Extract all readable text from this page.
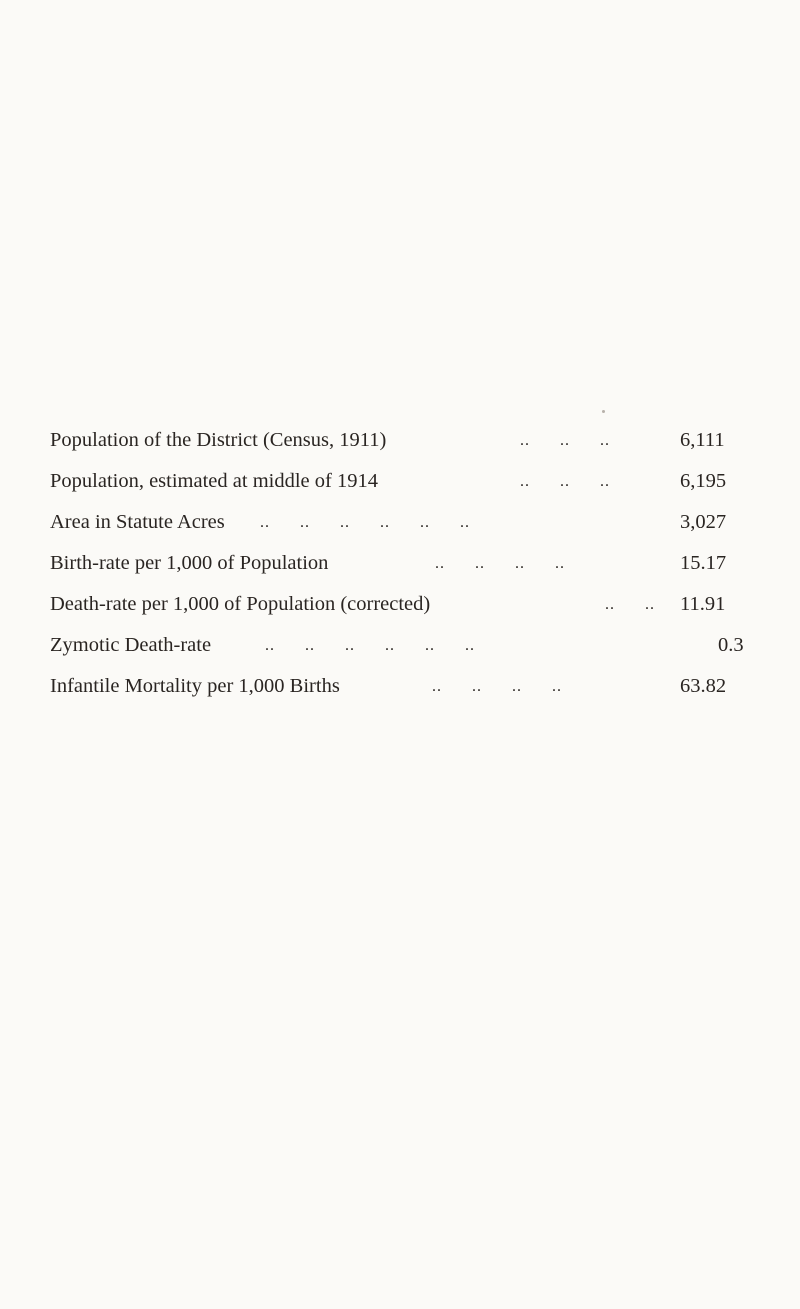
Population of the District (Census, 1911)	..      ..      ..	6,111
Population, estimated at middle of 1914	..      ..      ..	6,195
Area in Statute Acres ..      ..      ..      ..      ..      ..	3,027
Birth-rate per 1,000 of Population	..      ..      ..      ..	15.17
Death-rate per 1,000 of Population (corrected)	..      .. 11.91
Zymotic Death-rate	..      ..      ..      ..      ..      ..	0.3
Infantile Mortality per 1,000 Births	..      ..      ..      ..	63.82
